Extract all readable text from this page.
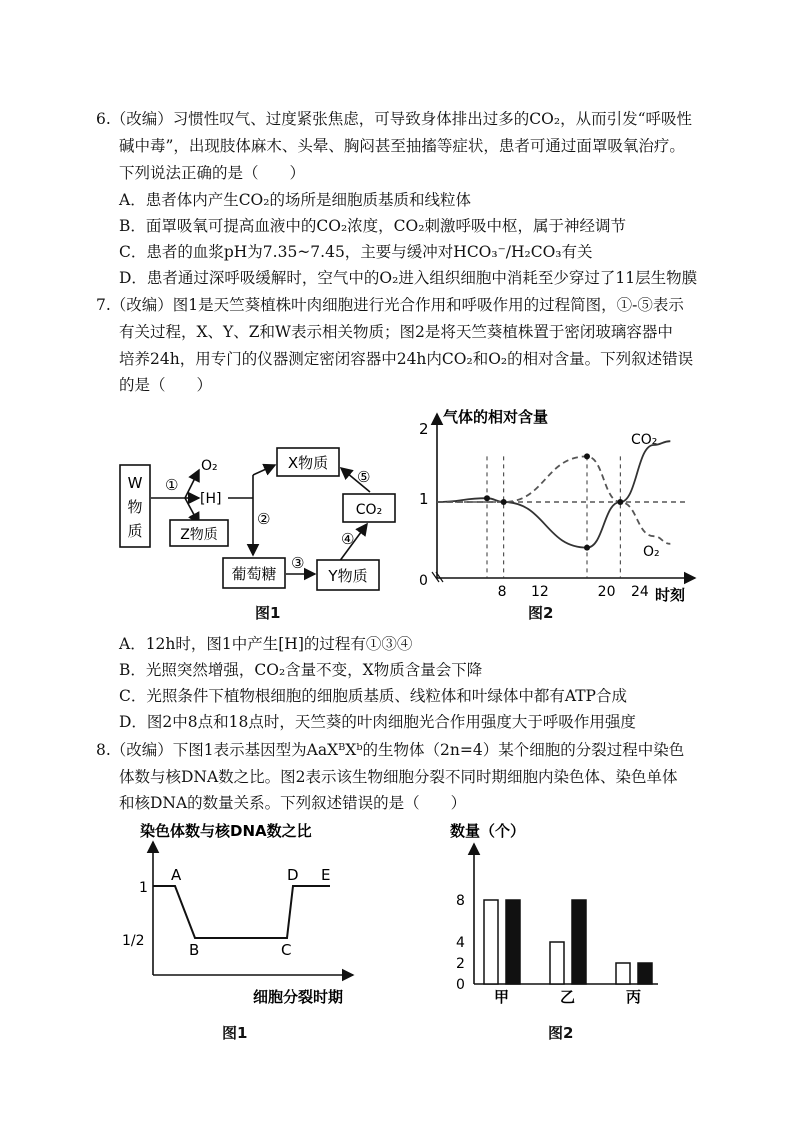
6.（改编）习惯性叹气、过度紧张焦虑，可导致身体排出过多的CO₂，从而引发“呼吸性
碱中毒”，出现肢体麻木、头晕、胸闷甚至抽搐等症状，患者可通过面罩吸氧治疗。
下列说法正确的是（　　）
A．患者体内产生CO₂的场所是细胞质基质和线粒体
B．面罩吸氧可提高血液中的CO₂浓度，CO₂刺激呼吸中枢，属于神经调节
C．患者的血浆pH为7.35~7.45，主要与缓冲对HCO₃⁻/H₂CO₃有关
D．患者通过深呼吸缓解时，空气中的O₂进入组织细胞中消耗至少穿过了11层生物膜
7.（改编）图1是天竺葵植株叶肉细胞进行光合作用和呼吸作用的过程简图，①-⑤表示
有关过程，X、Y、Z和W表示相关物质；图2是将天竺葵植株置于密闭玻璃容器中
培养24h，用专门的仪器测定密闭容器中24h内CO₂和O₂的相对含量。下列叙述错误
的是（　　）
W
物
质
①
O₂
[H]
Z物质
②
X物质
⑤
CO₂
④
葡萄糖
③
Y物质
图1
气体的相对含量
2
1
0
8 12	20 24 时刻
CO₂
O₂
图2
A．12h时，图1中产生[H]的过程有①③④
B．光照突然增强，CO₂含量不变，X物质含量会下降
C．光照条件下植物根细胞的细胞质基质、线粒体和叶绿体中都有ATP合成
D．图2中8点和18点时，天竺葵的叶肉细胞光合作用强度大于呼吸作用强度
8.（改编）下图1表示基因型为AaXᴮXᵇ的生物体（2n=4）某个细胞的分裂过程中染色
体数与核DNA数之比。图2表示该生物细胞分裂不同时期细胞内染色体、染色单体
和核DNA的数量关系。下列叙述错误的是（　　）
染色体数与核DNA数之比
1
1/2
A
B	C
D E
细胞分裂时期
图1
数量（个）
8
4
2
0
甲	乙	丙
图2
